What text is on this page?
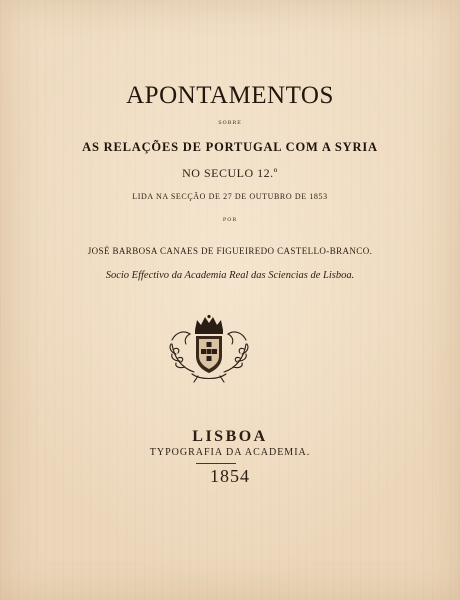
APONTAMENTOS
SOBRE
AS RELAÇÕES DE PORTUGAL COM A SYRIA
NO SECULO 12.º
LIDA NA SECÇÃO DE 27 DE OUTUBRO DE 1853
POR
JOSÉ BARBOSA CANAES DE FIGUEIREDO CASTELLO-BRANCO.
Socio Effectivo da Academia Real das Sciencias de Lisboa.
LISBOA
TYPOGRAFIA DA ACADEMIA.
1854
